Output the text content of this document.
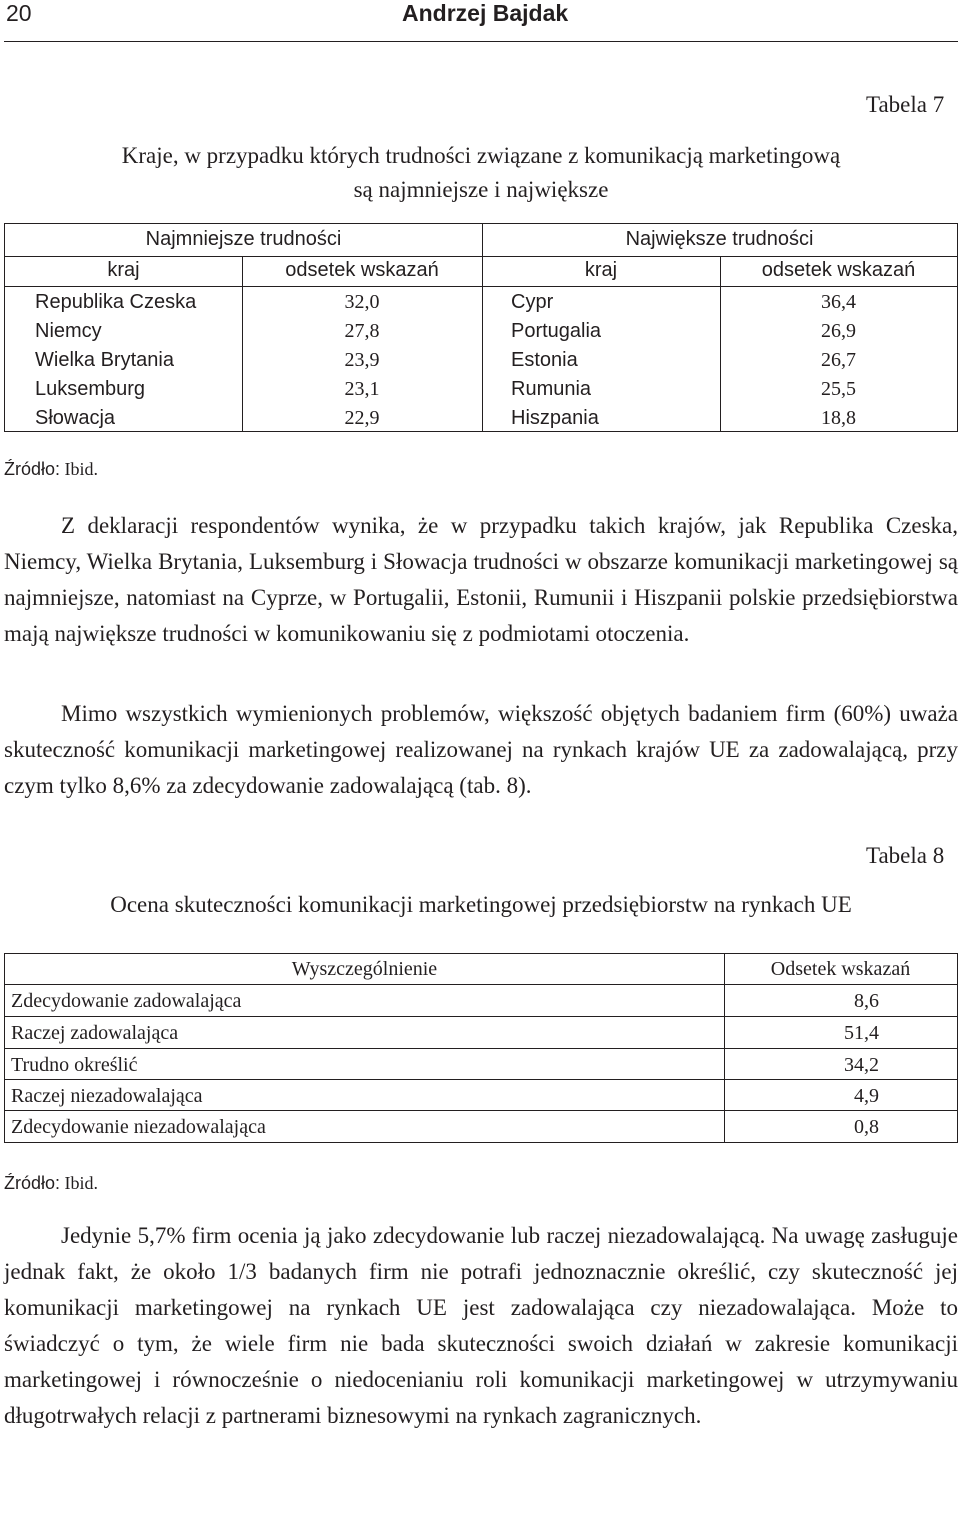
20	Andrzej Bajdak
Tabela 7
Kraje, w przypadku których trudności związane z komunikacją marketingową
są najmniejsze i największe
Najmniejsze trudności	Największe trudności
kraj	odsetek wskazań	kraj	odsetek wskazań
Republika Czeska	32,0	Cypr	36,4
Niemcy	27,8	Portugalia	26,9
Wielka Brytania	23,9	Estonia	26,7
Luksemburg	23,1	Rumunia	25,5
Słowacja	22,9	Hiszpania	18,8
Źródło: Ibid.
Z deklaracji respondentów wynika, że w przypadku takich krajów, jak Republika Czeska, Niemcy, Wielka Brytania, Luksemburg i Słowacja trudności w obszarze komunikacji marketingowej są najmniejsze, natomiast na Cyprze, w Portugalii, Estonii, Rumunii i Hiszpanii polskie przedsiębiorstwa mają największe trudności w komunikowaniu się z podmiotami otoczenia.
Mimo wszystkich wymienionych problemów, większość objętych badaniem firm (60%) uważa skuteczność komunikacji marketingowej realizowanej na rynkach krajów UE za zadowalającą, przy czym tylko 8,6% za zdecydowanie zadowalającą (tab. 8).
Tabela 8
Ocena skuteczności komunikacji marketingowej przedsiębiorstw na rynkach UE
Wyszczególnienie	Odsetek wskazań
Zdecydowanie zadowalająca	8,6
Raczej zadowalająca	51,4
Trudno określić	34,2
Raczej niezadowalająca	4,9
Zdecydowanie niezadowalająca	0,8
Źródło: Ibid.
Jedynie 5,7% firm ocenia ją jako zdecydowanie lub raczej niezadowalającą. Na uwagę zasługuje jednak fakt, że około 1/3 badanych firm nie potrafi jednoznacznie określić, czy skuteczność jej komunikacji marketingowej na rynkach UE jest zadowalająca czy niezadowalająca. Może to świadczyć o tym, że wiele firm nie bada skuteczności swoich działań w zakresie komunikacji marketingowej i równocześnie o niedocenianiu roli komunikacji marketingowej w utrzymywaniu długotrwałych relacji z partnerami biznesowymi na rynkach zagranicznych.
